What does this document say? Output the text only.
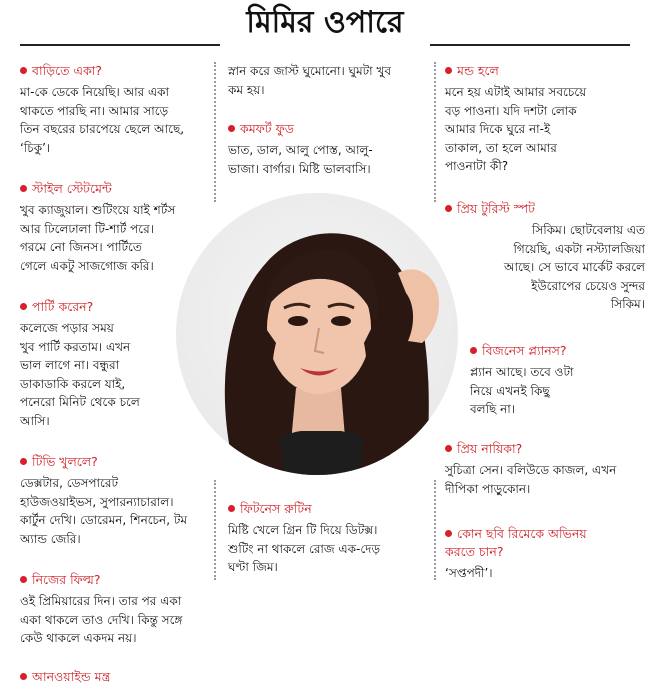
মিমির ওপারে
বাড়িতে একা?

মা-কে ডেকে নিয়েছি। আর একা
থাকতে পারছি না। আমার সাড়ে
তিন বছরের চারপেয়ে ছেলে আছে,
‘চিকু’।

স্টাইল স্টেটমেন্ট

খুব ক্যাজুয়াল। শুটিংয়ে যাই শর্টস
আর ঢিলেঢালা টি-শার্ট পরে।
গরমে নো জিনস। পার্টিতে
গেলে একটু সাজগোজ করি।

পার্টি করেন?

কলেজে পড়ার সময়
খুব পার্টি করতাম। এখন
ভাল লাগে না। বন্ধুরা
ডাকাডাকি করলে যাই,
পনেরো মিনিট থেকে চলে
আসি।

টিভি খুললে?

ডেক্সটার, ডেসপারেট
হাউজওয়াইভস, সুপারন্যাচারাল।
কার্টুন দেখি। ডোরেমন, শিনচেন, টম
অ্যান্ড জেরি।

নিজের ফিল্ম?

ওই প্রিমিয়ারের দিন। তার পর একা
একা থাকলে তাও দেখি। কিন্তু সঙ্গে
কেউ থাকলে একদম নয়।

আনওয়াইন্ড মন্ত্র

স্নান করে জাস্ট ঘুমোনো। ঘুমটা খুব
কম হয়।

কমফর্ট ফুড

ভাত, ডাল, আলু পোস্ত, আলু-
ভাজা। বার্গার। মিষ্টি ভালবাসি।

ফিটনেস রুটিন

মিষ্টি খেলে গ্রিন টি দিয়ে ডিটক্স।
শুটিং না থাকলে রোজ এক-দেড়
ঘণ্টা জিম।

মন্ড হলে

মনে হয় এটাই আমার সবচেয়ে
বড় পাওনা। যদি দশটা লোক
আমার দিকে ঘুরে না-ই
তাকাল, তা হলে আমার
পাওনাটা কী?

প্রিয় টুরিস্ট স্পট

সিকিম। ছোটবেলায় এত
গিয়েছি, একটা নস্ট্যালজিয়া
আছে। সে ভাবে মার্কেট করলে
ইউরোপের চেয়েও সুন্দর
সিকিম।

বিজনেস প্ল্যানস?

প্ল্যান আছে। তবে ওটা
নিয়ে এখনই কিছু
বলছি না।

প্রিয় নায়িকা?

সুচিত্রা সেন। বলিউডে কাজল, এখন
দীপিকা পাড়ুকোন।

কোন ছবি রিমেকে অভিনয়
করতে চান?

‘সপ্তপদী’।
